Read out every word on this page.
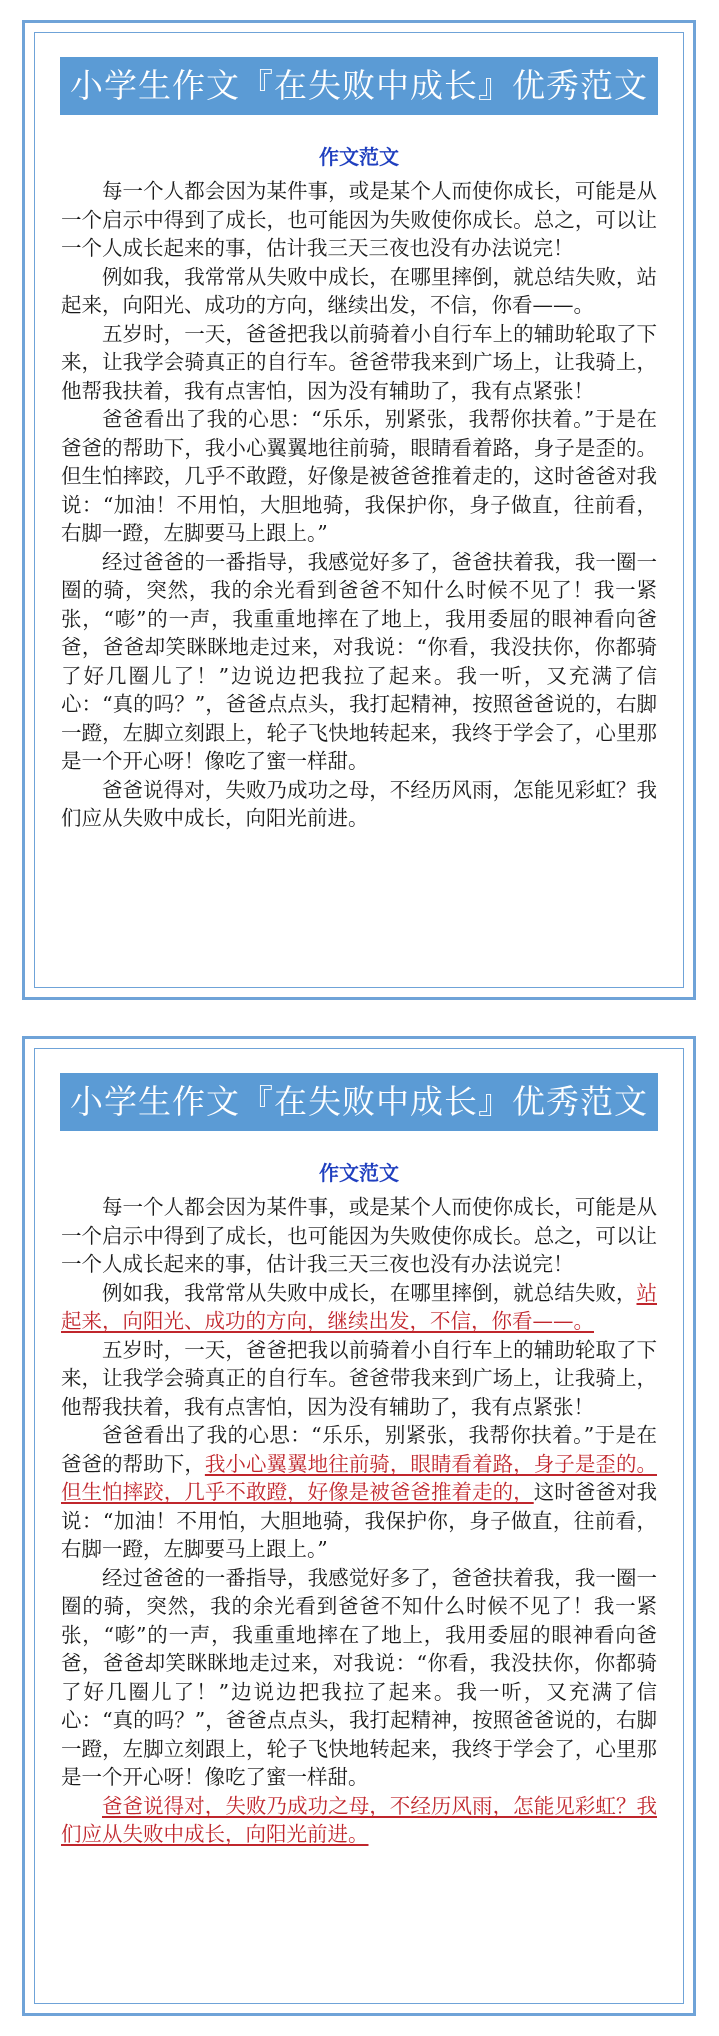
小学生作文『在失败中成长』优秀范文
作文范文

每一个人都会因为某件事，或是某个人而使你成长，可能是从一个启示中得到了成长，也可能因为失败使你成长。总之，可以让一个人成长起来的事，估计我三天三夜也没有办法说完！

例如我，我常常从失败中成长，在哪里摔倒，就总结失败，站起来，向阳光、成功的方向，继续出发，不信，你看——。

五岁时，一天，爸爸把我以前骑着小自行车上的辅助轮取了下来，让我学会骑真正的自行车。爸爸带我来到广场上，让我骑上，他帮我扶着，我有点害怕，因为没有辅助了，我有点紧张！

爸爸看出了我的心思：“乐乐，别紧张，我帮你扶着。”于是在爸爸的帮助下，我小心翼翼地往前骑，眼睛看着路，身子是歪的。但生怕摔跤，几乎不敢蹬，好像是被爸爸推着走的，这时爸爸对我说：“加油！不用怕，大胆地骑，我保护你，身子做直，往前看，右脚一蹬，左脚要马上跟上。”

经过爸爸的一番指导，我感觉好多了，爸爸扶着我，我一圈一圈的骑，突然，我的余光看到爸爸不知什么时候不见了！我一紧张，“嘭”的一声，我重重地摔在了地上，我用委屈的眼神看向爸爸，爸爸却笑眯眯地走过来，对我说：“你看，我没扶你，你都骑了好几圈儿了！”边说边把我拉了起来。我一听，又充满了信心：“真的吗？”，爸爸点点头，我打起精神，按照爸爸说的，右脚一蹬，左脚立刻跟上，轮子飞快地转起来，我终于学会了，心里那是一个开心呀！像吃了蜜一样甜。

爸爸说得对，失败乃成功之母，不经历风雨，怎能见彩虹？我们应从失败中成长，向阳光前进。

小学生作文『在失败中成长』优秀范文
作文范文

每一个人都会因为某件事，或是某个人而使你成长，可能是从一个启示中得到了成长，也可能因为失败使你成长。总之，可以让一个人成长起来的事，估计我三天三夜也没有办法说完！

例如我，我常常从失败中成长，在哪里摔倒，就总结失败，站起来，向阳光、成功的方向，继续出发，不信，你看——。

五岁时，一天，爸爸把我以前骑着小自行车上的辅助轮取了下来，让我学会骑真正的自行车。爸爸带我来到广场上，让我骑上，他帮我扶着，我有点害怕，因为没有辅助了，我有点紧张！

爸爸看出了我的心思：“乐乐，别紧张，我帮你扶着。”于是在爸爸的帮助下，我小心翼翼地往前骑，眼睛看着路，身子是歪的。但生怕摔跤，几乎不敢蹬，好像是被爸爸推着走的，这时爸爸对我说：“加油！不用怕，大胆地骑，我保护你，身子做直，往前看，右脚一蹬，左脚要马上跟上。”

经过爸爸的一番指导，我感觉好多了，爸爸扶着我，我一圈一圈的骑，突然，我的余光看到爸爸不知什么时候不见了！我一紧张，“嘭”的一声，我重重地摔在了地上，我用委屈的眼神看向爸爸，爸爸却笑眯眯地走过来，对我说：“你看，我没扶你，你都骑了好几圈儿了！”边说边把我拉了起来。我一听，又充满了信心：“真的吗？”，爸爸点点头，我打起精神，按照爸爸说的，右脚一蹬，左脚立刻跟上，轮子飞快地转起来，我终于学会了，心里那是一个开心呀！像吃了蜜一样甜。

爸爸说得对，失败乃成功之母，不经历风雨，怎能见彩虹？我们应从失败中成长，向阳光前进。
